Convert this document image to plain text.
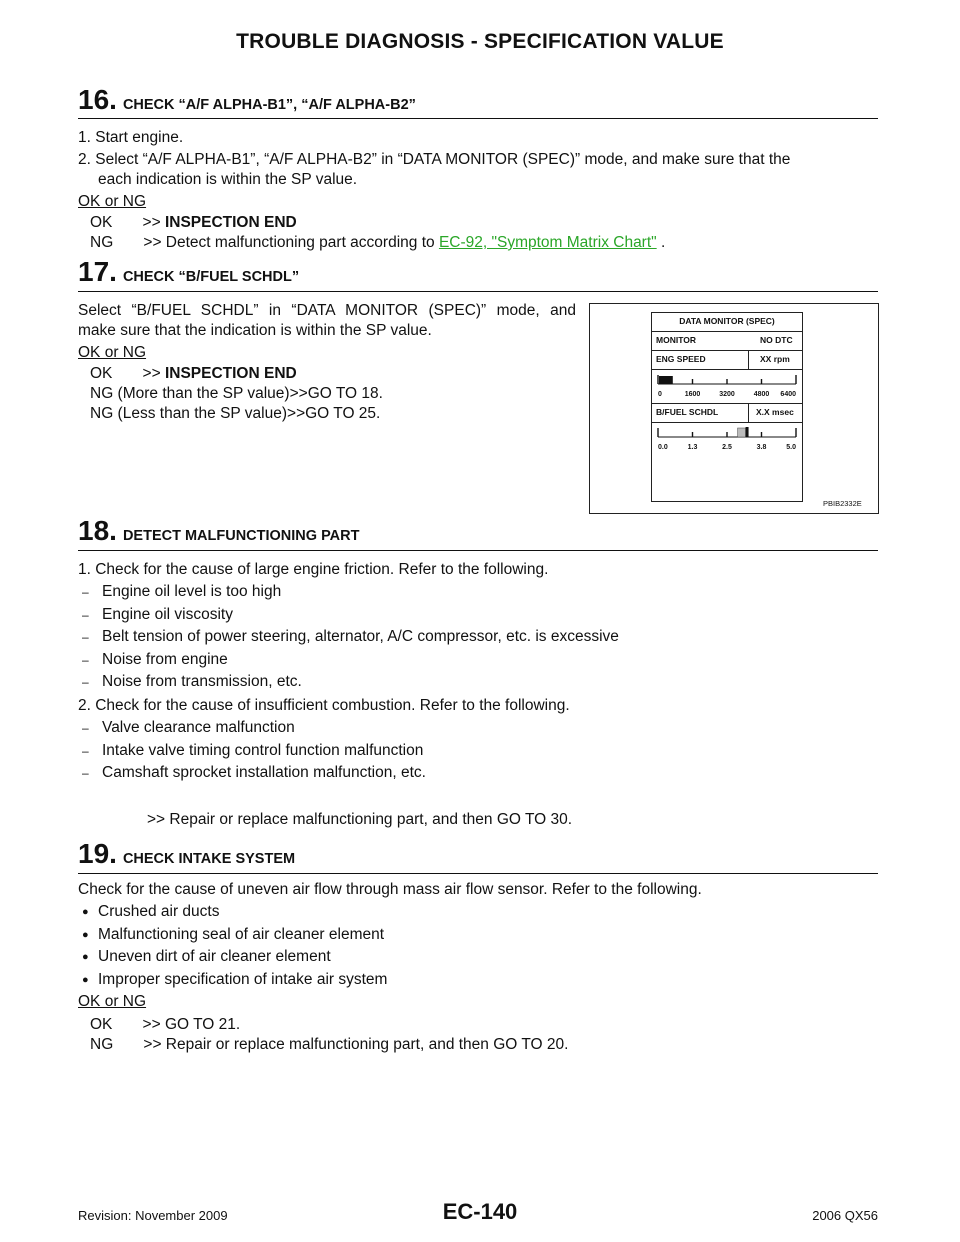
TROUBLE DIAGNOSIS - SPECIFICATION VALUE
16. CHECK “A/F ALPHA-B1”, “A/F ALPHA-B2”
1. Start engine.
2. Select “A/F ALPHA-B1”, “A/F ALPHA-B2” in “DATA MONITOR (SPEC)” mode, and make sure that the
each indication is within the SP value.
OK or NG
OK       >> INSPECTION END
NG       >> Detect malfunctioning part according to EC-92, "Symptom Matrix Chart" .
17. CHECK “B/FUEL SCHDL”
Select “B/FUEL SCHDL” in “DATA MONITOR (SPEC)” mode, and
make sure that the indication is within the SP value.
OK or NG
OK       >> INSPECTION END
NG (More than the SP value)>>GO TO 18.
NG (Less than the SP value)>>GO TO 25.
DATA MONITOR (SPEC)
MONITOR	NO DTC
ENG SPEED	XX rpm
0	1600	3200	4800 6400
B/FUEL SCHDL	X.X msec
0.0	1.3	2.5	3.8	5.0
PBIB2332E
18. DETECT MALFUNCTIONING PART
1. Check for the cause of large engine friction. Refer to the following.
– Engine oil level is too high
– Engine oil viscosity
– Belt tension of power steering, alternator, A/C compressor, etc. is excessive
– Noise from engine
– Noise from transmission, etc.
2. Check for the cause of insufficient combustion. Refer to the following.
– Valve clearance malfunction
– Intake valve timing control function malfunction
– Camshaft sprocket installation malfunction, etc.
>> Repair or replace malfunctioning part, and then GO TO 30.
19. CHECK INTAKE SYSTEM
Check for the cause of uneven air flow through mass air flow sensor. Refer to the following.
● Crushed air ducts
● Malfunctioning seal of air cleaner element
● Uneven dirt of air cleaner element
● Improper specification of intake air system
OK or NG
OK       >> GO TO 21.
NG       >> Repair or replace malfunctioning part, and then GO TO 20.
Revision: November 2009	EC-140	2006 QX56
